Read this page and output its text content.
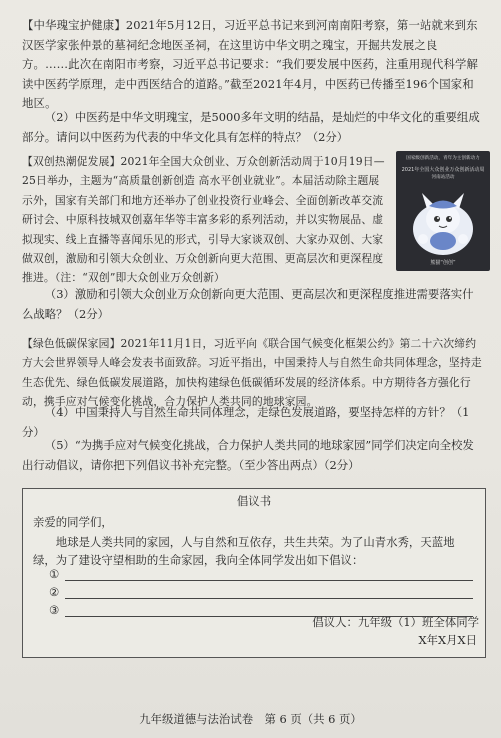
【中华瑰宝护健康】2021年5月12日，习近平总书记来到河南南阳考察，第一站就来到东汉医学家张仲景的墓祠纪念地医圣祠，在这里访中华文明之瑰宝，开掘共发展之良方。……此次在南阳市考察，习近平总书记要求：“我们要发展中医药，注重用现代科学解读中医药学原理，走中西医结合的道路。”截至2021年4月，中医药已传播至196个国家和地区。
（2）中医药是中华文明瑰宝，是5000多年文明的结晶，是灿烂的中华文化的重要组成部分。请问以中医药为代表的中华文化具有怎样的特点？（2分）
【双创热潮促发展】2021年全国大众创业、万众创新活动周于10月19日—25日举办，主题为“高质量创新创造 高水平创业就业”。本届活动除主题展示外，国家有关部门和地方还举办了创业投资行业峰会、全面创新改革交流研讨会、中原科技城双创嘉年华等丰富多彩的系列活动，并以实物展品、虚拟现实、线上直播等喜闻乐见的形式，引导大家谈双创、大家办双创、大家做双创，激励和引领大众创业、万众创新向更大范围、更高层次和更深程度推进。（注：“双创”即大众创业万众创新）
国家级创新活动，青年为主创新动力
2021年全国大众创业万众创新活动周
河南站活动
熊猫“创创”
（3）激励和引领大众创业万众创新向更大范围、更高层次和更深程度推进需要落实什么战略？（2分）
【绿色低碳保家园】2021年11月1日，习近平向《联合国气候变化框架公约》第二十六次缔约方大会世界领导人峰会发表书面致辞。习近平指出，中国秉持人与自然生命共同体理念，坚持走生态优先、绿色低碳发展道路，加快构建绿色低碳循环发展的经济体系。中方期待各方强化行动，携手应对气候变化挑战，合力保护人类共同的地球家园。
（4）中国秉持人与自然生命共同体理念，走绿色发展道路，要坚持怎样的方针？（1分）
（5）“为携手应对气候变化挑战，合力保护人类共同的地球家园”同学们决定向全校发出行动倡议，请你把下列倡议书补充完整。（至少答出两点）（2分）
倡议书
亲爱的同学们，
地球是人类共同的家园，人与自然和互依存，共生共荣。为了山青水秀，天蓝地绿，为了建设守望相助的生命家园，我向全体同学发出如下倡议：
①
②
③
倡议人：九年级（1）班全体同学
X年X月X日
九年级道德与法治试卷　第 6 页（共 6 页）
